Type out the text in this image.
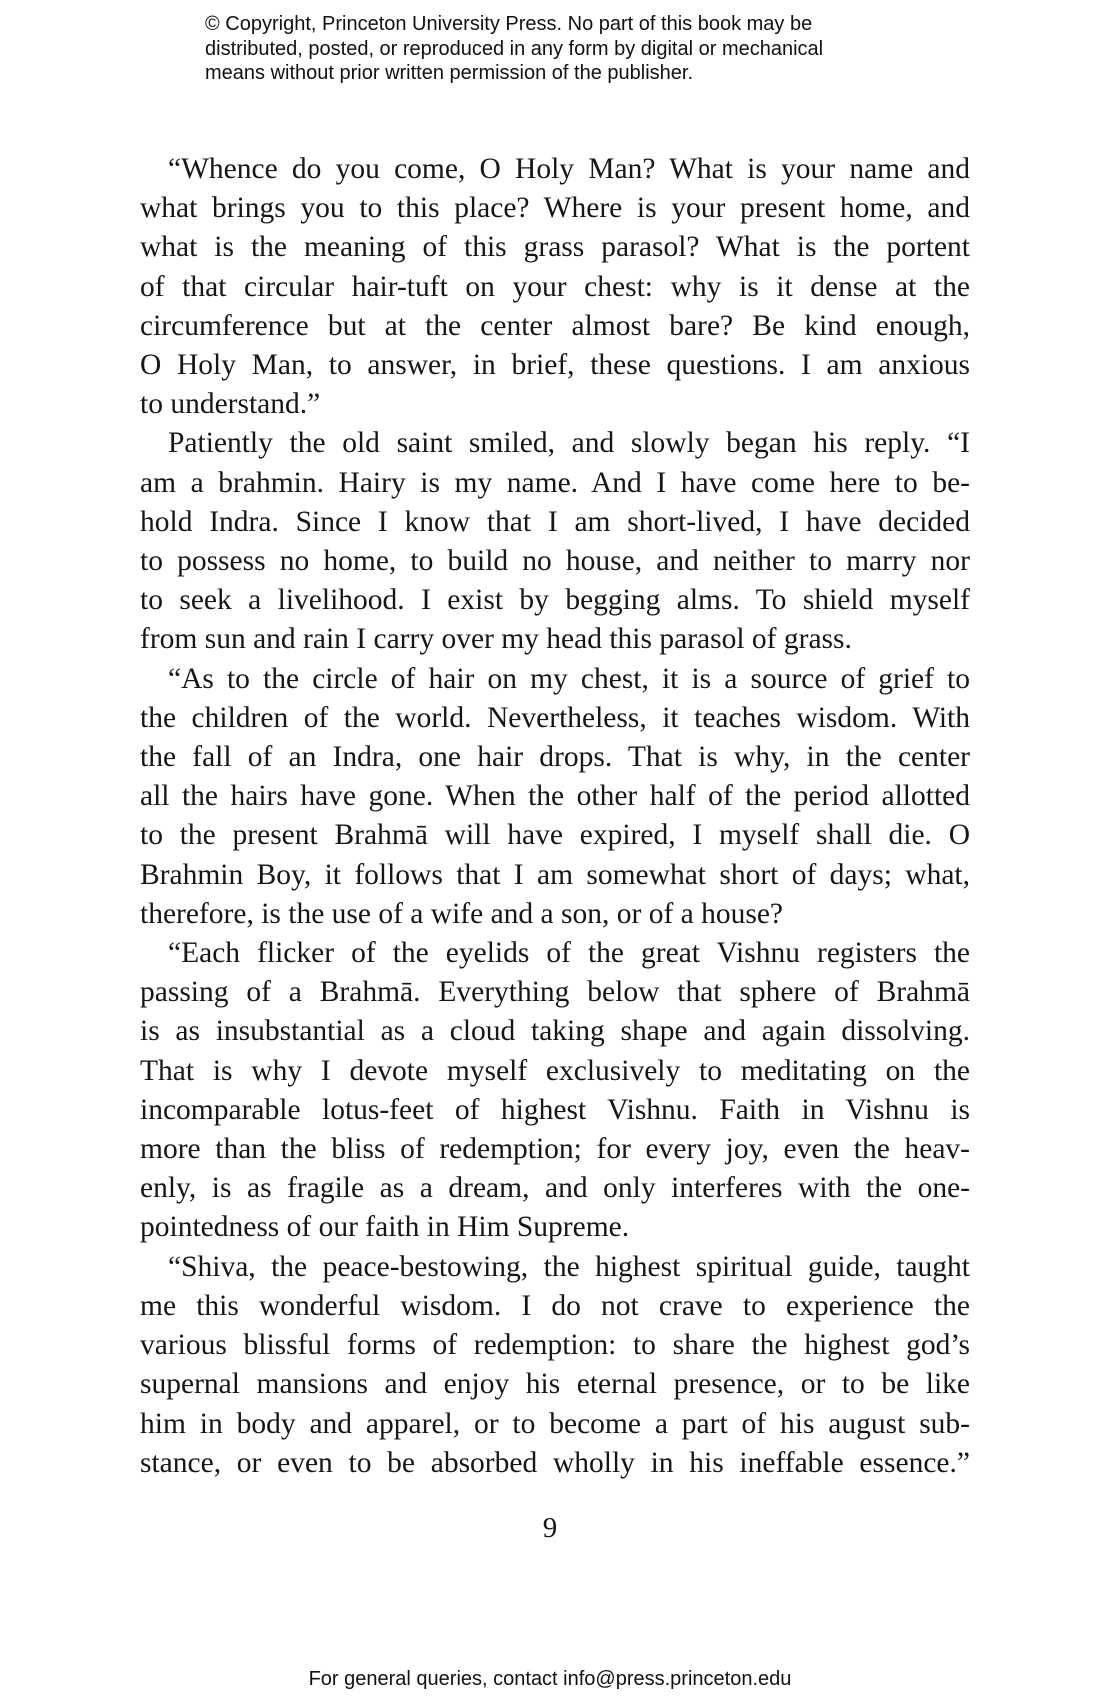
© Copyright, Princeton University Press. No part of this book may be
distributed, posted, or reproduced in any form by digital or mechanical
means without prior written permission of the publisher.
“Whence do you come, O Holy Man? What is your name and
what brings you to this place? Where is your present home, and
what is the meaning of this grass parasol? What is the portent
of that circular hair-tuft on your chest: why is it dense at the
circumference but at the center almost bare? Be kind enough,
O Holy Man, to answer, in brief, these questions. I am anxious
to understand.”
Patiently the old saint smiled, and slowly began his reply. “I
am a brahmin. Hairy is my name. And I have come here to be-
hold Indra. Since I know that I am short-lived, I have decided
to possess no home, to build no house, and neither to marry nor
to seek a livelihood. I exist by begging alms. To shield myself
from sun and rain I carry over my head this parasol of grass.
“As to the circle of hair on my chest, it is a source of grief to
the children of the world. Nevertheless, it teaches wisdom. With
the fall of an Indra, one hair drops. That is why, in the center
all the hairs have gone. When the other half of the period allotted
to the present Brahmā will have expired, I myself shall die. O
Brahmin Boy, it follows that I am somewhat short of days; what,
therefore, is the use of a wife and a son, or of a house?
“Each flicker of the eyelids of the great Vishnu registers the
passing of a Brahmā. Everything below that sphere of Brahmā
is as insubstantial as a cloud taking shape and again dissolving.
That is why I devote myself exclusively to meditating on the
incomparable lotus-feet of highest Vishnu. Faith in Vishnu is
more than the bliss of redemption; for every joy, even the heav-
enly, is as fragile as a dream, and only interferes with the one-
pointedness of our faith in Him Supreme.
“Shiva, the peace-bestowing, the highest spiritual guide, taught
me this wonderful wisdom. I do not crave to experience the
various blissful forms of redemption: to share the highest god’s
supernal mansions and enjoy his eternal presence, or to be like
him in body and apparel, or to become a part of his august sub-
stance, or even to be absorbed wholly in his ineffable essence.”
9
For general queries, contact info@press.princeton.edu
